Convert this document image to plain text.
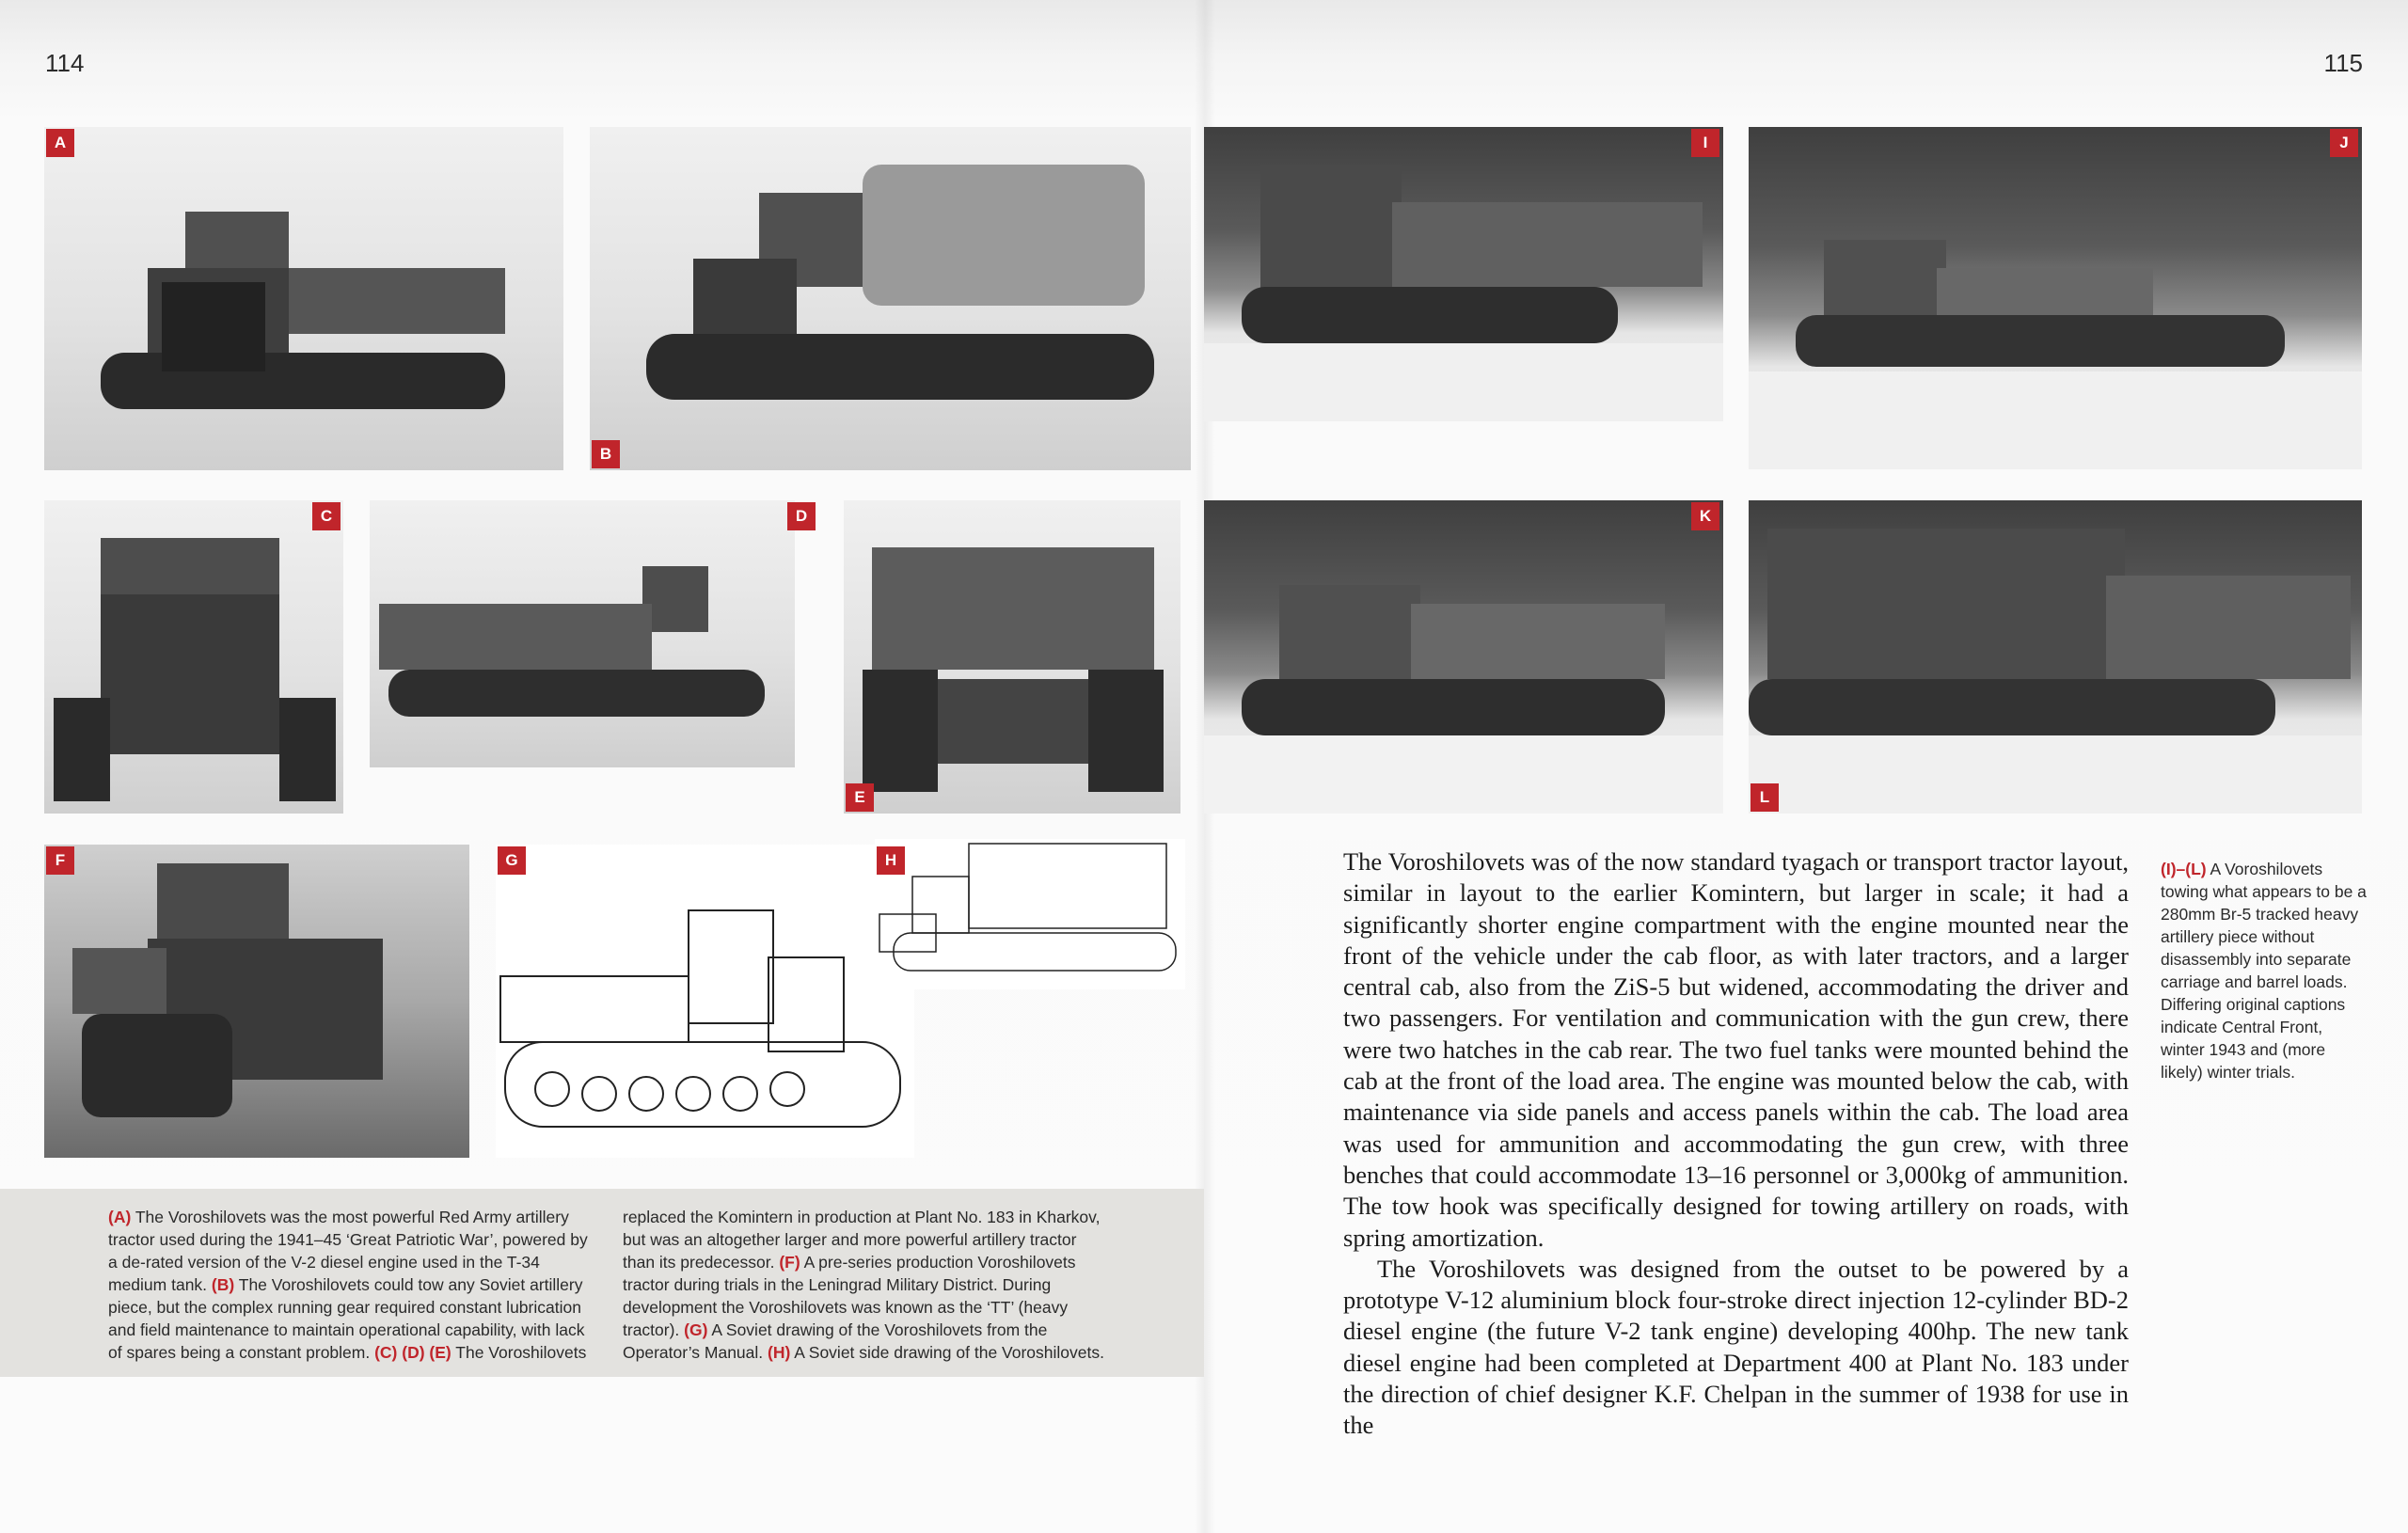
114	115
A
B
I	J
C	D
E
K
L
F	G	H
(A) The Voroshilovets was the most powerful Red Army artillery tractor used during the 1941–45 ‘Great Patriotic War’, powered by a de-rated version of the V-2 diesel engine used in the T-34 medium tank. (B) The Voroshilovets could tow any Soviet artillery piece, but the complex running gear required constant lubrication and field maintenance to maintain operational capability, with lack of spares being a constant problem. (C) (D) (E) The Voroshilovets
replaced the Komintern in production at Plant No. 183 in Kharkov, but was an altogether larger and more powerful artillery tractor than its predecessor. (F) A pre-series production Voroshilovets tractor during trials in the Leningrad Military District. During development the Voroshilovets was known as the ‘TT’ (heavy tractor). (G) A Soviet drawing of the Voroshilovets from the Operator’s Manual. (H) A Soviet side drawing of the Voroshilovets.

The Voroshilovets was of the now standard tyagach or transport tractor layout, similar in layout to the earlier Komintern, but larger in scale; it had a significantly shorter engine compartment with the engine mounted near the front of the vehicle under the cab floor, as with later tractors, and a larger central cab, also from the ZiS-5 but widened, accommodating the driver and two passengers. For ventilation and communication with the gun crew, there were two hatches in the cab rear. The two fuel tanks were mounted behind the cab at the front of the load area. The engine was mounted below the cab, with maintenance via side panels and access panels within the cab. The load area was used for ammunition and accommodating the gun crew, with three benches that could accommodate 13–16 personnel or 3,000kg of ammunition. The tow hook was specifically designed for towing artillery on roads, with spring amortization.

The Voroshilovets was designed from the outset to be powered by a prototype V-12 aluminium block four-stroke direct injection 12-cylinder BD-2 diesel engine (the future V-2 tank engine) developing 400hp. The new tank diesel engine had been completed at Department 400 at Plant No. 183 under the direction of chief designer K.F. Chelpan in the summer of 1938 for use in the

(I)–(L) A Voroshilovets towing what appears to be a 280mm Br-5 tracked heavy artillery piece without disassembly into separate carriage and barrel loads. Differing original captions indicate Central Front, winter 1943 and (more likely) winter trials.
